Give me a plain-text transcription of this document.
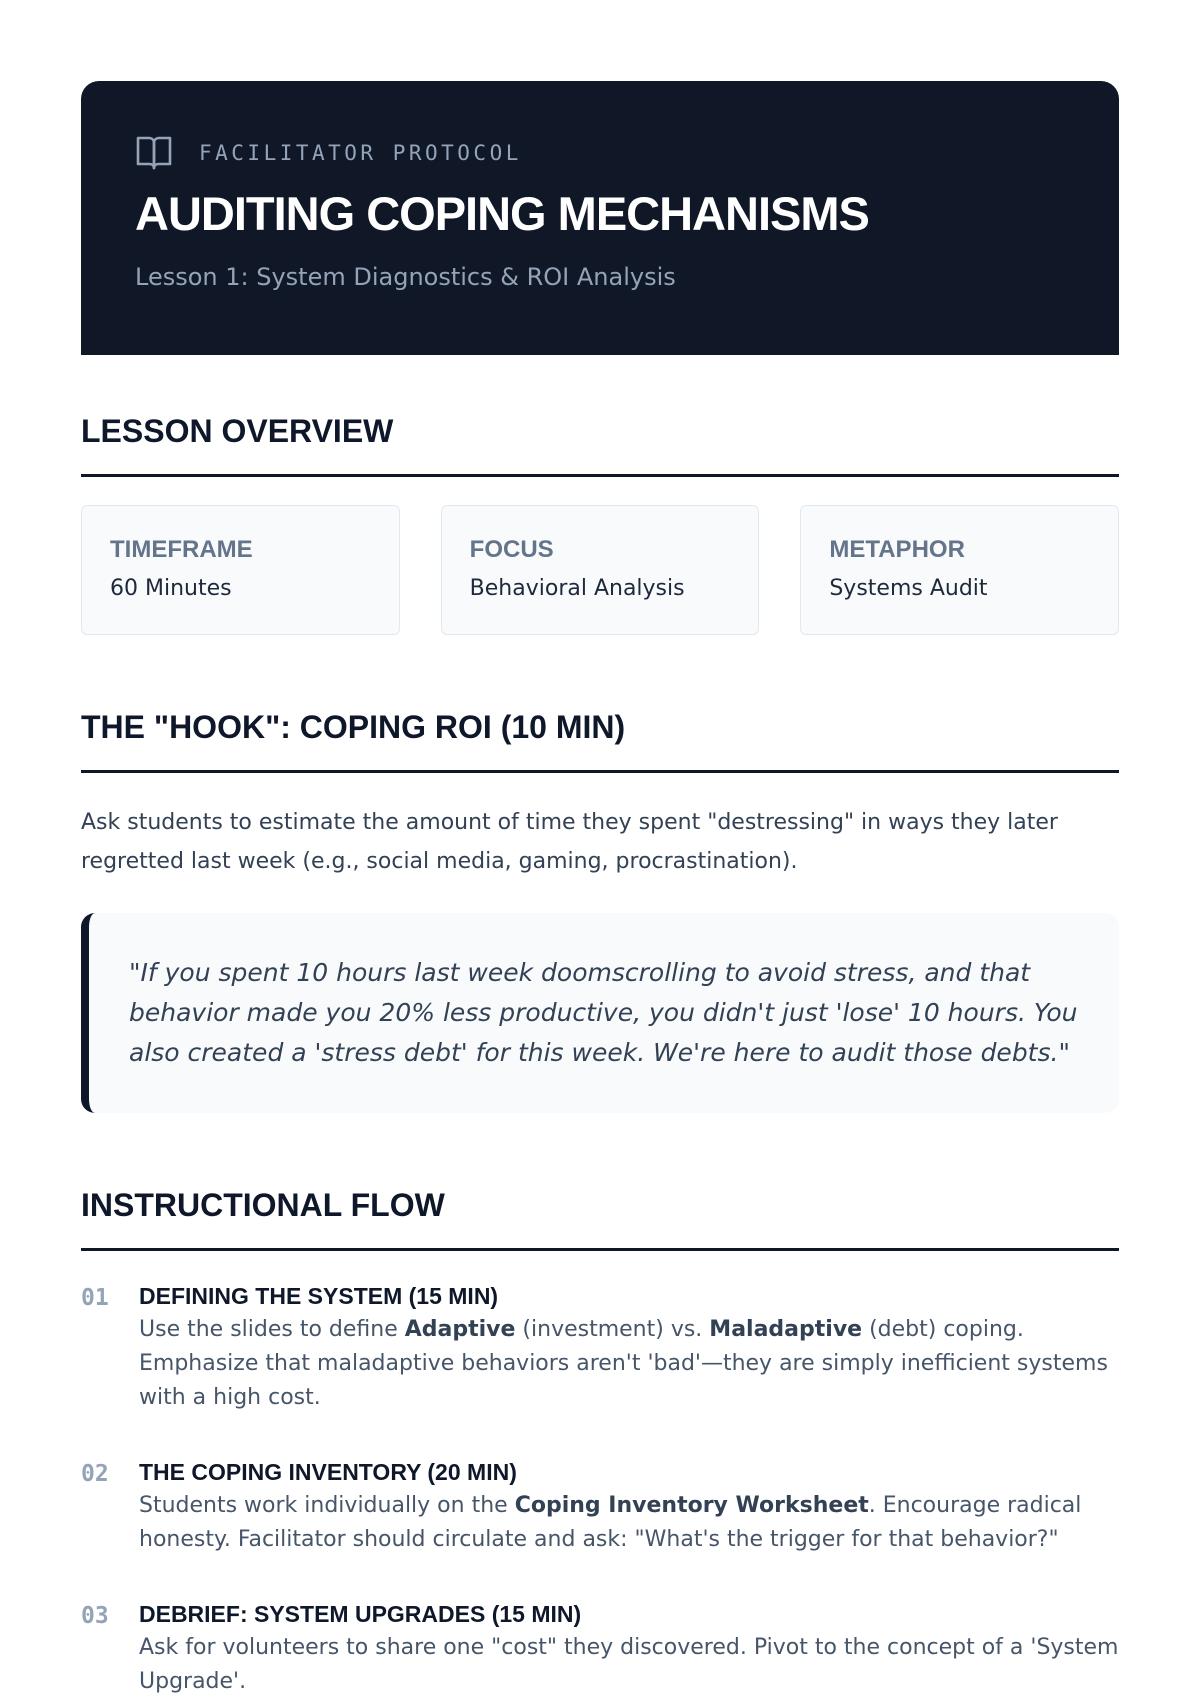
FACILITATOR PROTOCOL
AUDITING COPING MECHANISMS
Lesson 1: System Diagnostics & ROI Analysis
LESSON OVERVIEW
TIMEFRAME
60 Minutes
FOCUS
Behavioral Analysis
METAPHOR
Systems Audit
THE "HOOK": COPING ROI (10 MIN)

Ask students to estimate the amount of time they spent "destressing" in ways they later regretted last week (e.g., social media, gaming, procrastination).

"If you spent 10 hours last week doomscrolling to avoid stress, and that behavior made you 20% less productive, you didn't just 'lose' 10 hours. You also created a 'stress debt' for this week. We're here to audit those debts."

INSTRUCTIONAL FLOW
01 DEFINING THE SYSTEM (15 MIN)
Use the slides to define Adaptive (investment) vs. Maladaptive (debt) coping. Emphasize that maladaptive behaviors aren't 'bad'—they are simply inefficient systems with a high cost.
02 THE COPING INVENTORY (20 MIN)
Students work individually on the Coping Inventory Worksheet. Encourage radical honesty. Facilitator should circulate and ask: "What's the trigger for that behavior?"
03 DEBRIEF: SYSTEM UPGRADES (15 MIN)
Ask for volunteers to share one "cost" they discovered. Pivot to the concept of a 'System Upgrade'.
